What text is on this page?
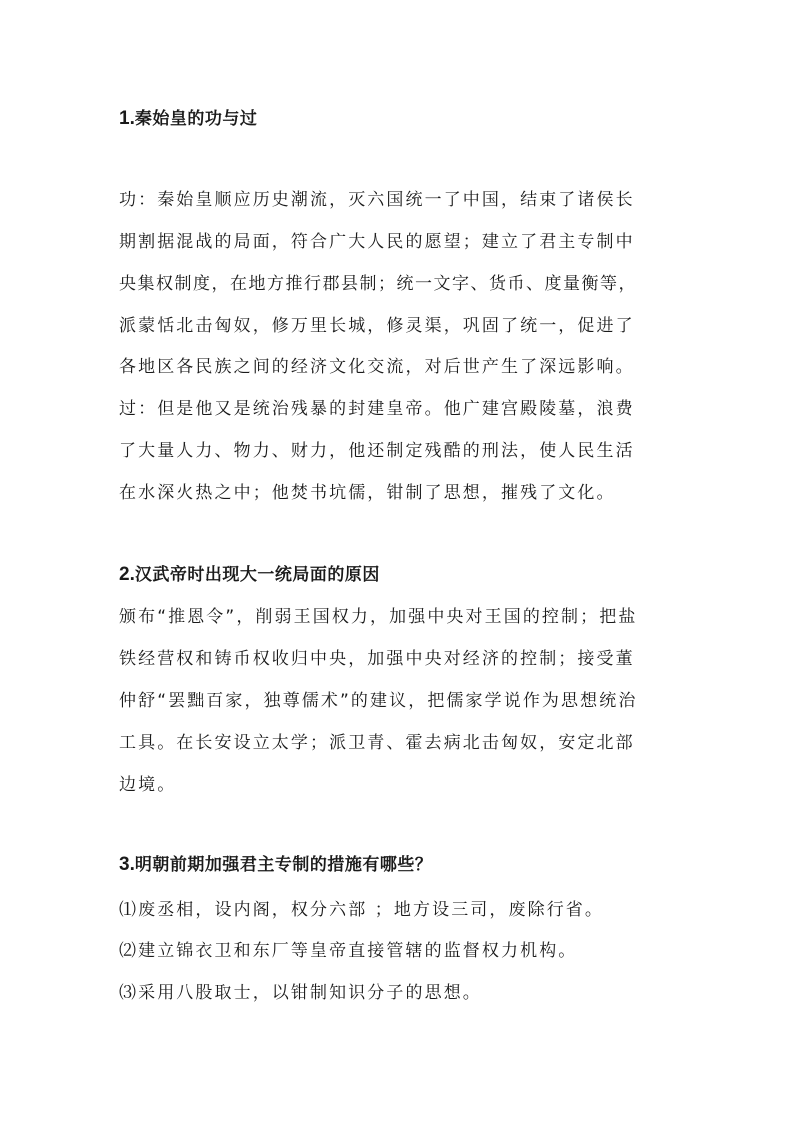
1.秦始皇的功与过
功：秦始皇顺应历史潮流，灭六国统一了中国，结束了诸侯长
期割据混战的局面，符合广大人民的愿望；建立了君主专制中
央集权制度，在地方推行郡县制；统一文字、货币、度量衡等，
派蒙恬北击匈奴，修万里长城，修灵渠，巩固了统一，促进了
各地区各民族之间的经济文化交流，对后世产生了深远影响。
过：但是他又是统治残暴的封建皇帝。他广建宫殿陵墓，浪费
了大量人力、物力、财力，他还制定残酷的刑法，使人民生活
在水深火热之中；他焚书坑儒，钳制了思想，摧残了文化。
2.汉武帝时出现大一统局面的原因
颁布“推恩令”，削弱王国权力，加强中央对王国的控制；把盐
铁经营权和铸币权收归中央，加强中央对经济的控制；接受董
仲舒“罢黜百家，独尊儒术”的建议，把儒家学说作为思想统治
工具。在长安设立太学；派卫青、霍去病北击匈奴，安定北部
边境。
3.明朝前期加强君主专制的措施有哪些？
⑴废丞相，设内阁，权分六部 ；地方设三司，废除行省。
⑵建立锦衣卫和东厂等皇帝直接管辖的监督权力机构。
⑶采用八股取士，以钳制知识分子的思想。
